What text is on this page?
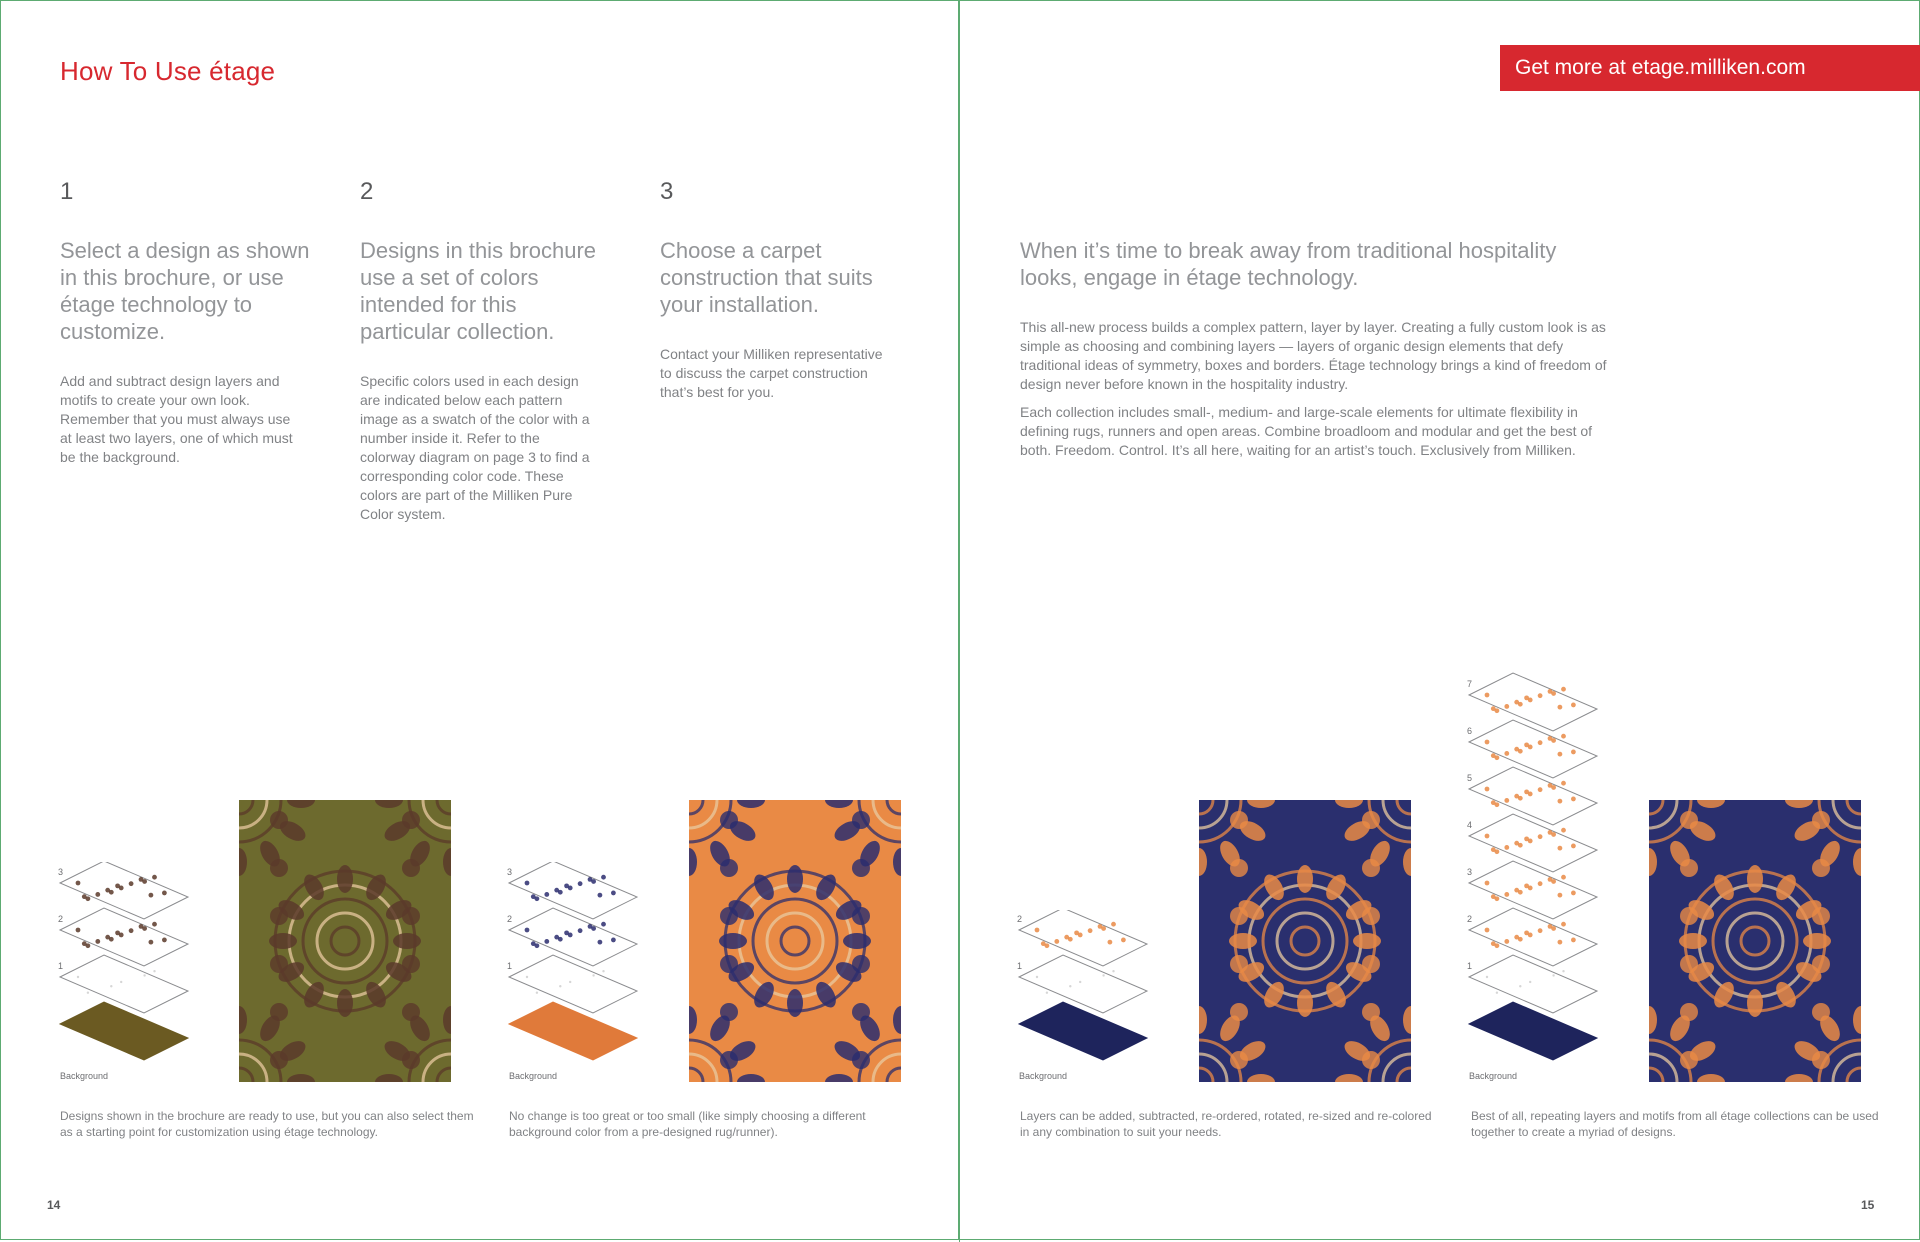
How To Use étage	Get more at etage.milliken.com
1
Select a design as shown in this brochure, or use étage technology to customize.
Add and subtract design layers and motifs to create your own look. Remember that you must always use at least two layers, one of which must be the background.
2
Designs in this brochure use a set of colors intended for this particular collection.
Specific colors used in each design are indicated below each pattern image as a swatch of the color with a number inside it. Refer to the colorway diagram on page 3 to find a corresponding color code. These colors are part of the Milliken Pure Color system.
3
Choose a carpet construction that suits your installation.
Contact your Milliken representative to discuss the carpet construction that’s best for you.
When it’s time to break away from traditional hospitality looks, engage in étage technology.

This all-new process builds a complex pattern, layer by layer. Creating a fully custom look is as simple as choosing and combining layers — layers of organic design elements that defy traditional ideas of symmetry, boxes and borders. Étage technology brings a kind of freedom of design never before known in the hospitality industry.

Each collection includes small-, medium- and large-scale elements for ultimate flexibility in defining rugs, runners and open areas. Combine broadloom and modular and get the best of both. Freedom. Control. It’s all here, waiting for an artist’s touch. Exclusively from Milliken.

1
2
3
Background
1
2
3
Background
1
2
Background
1
2
3
4
5
6
7
Background
Designs shown in the brochure are ready to use, but you can also select them as a starting point for customization using étage technology.
No change is too great or too small (like simply choosing a different background color from a pre-designed rug/runner).
Layers can be added, subtracted, re-ordered, rotated, re-sized and re-colored in any combination to suit your needs.
Best of all, repeating layers and motifs from all étage collections can be used together to create a myriad of designs.
14	15
